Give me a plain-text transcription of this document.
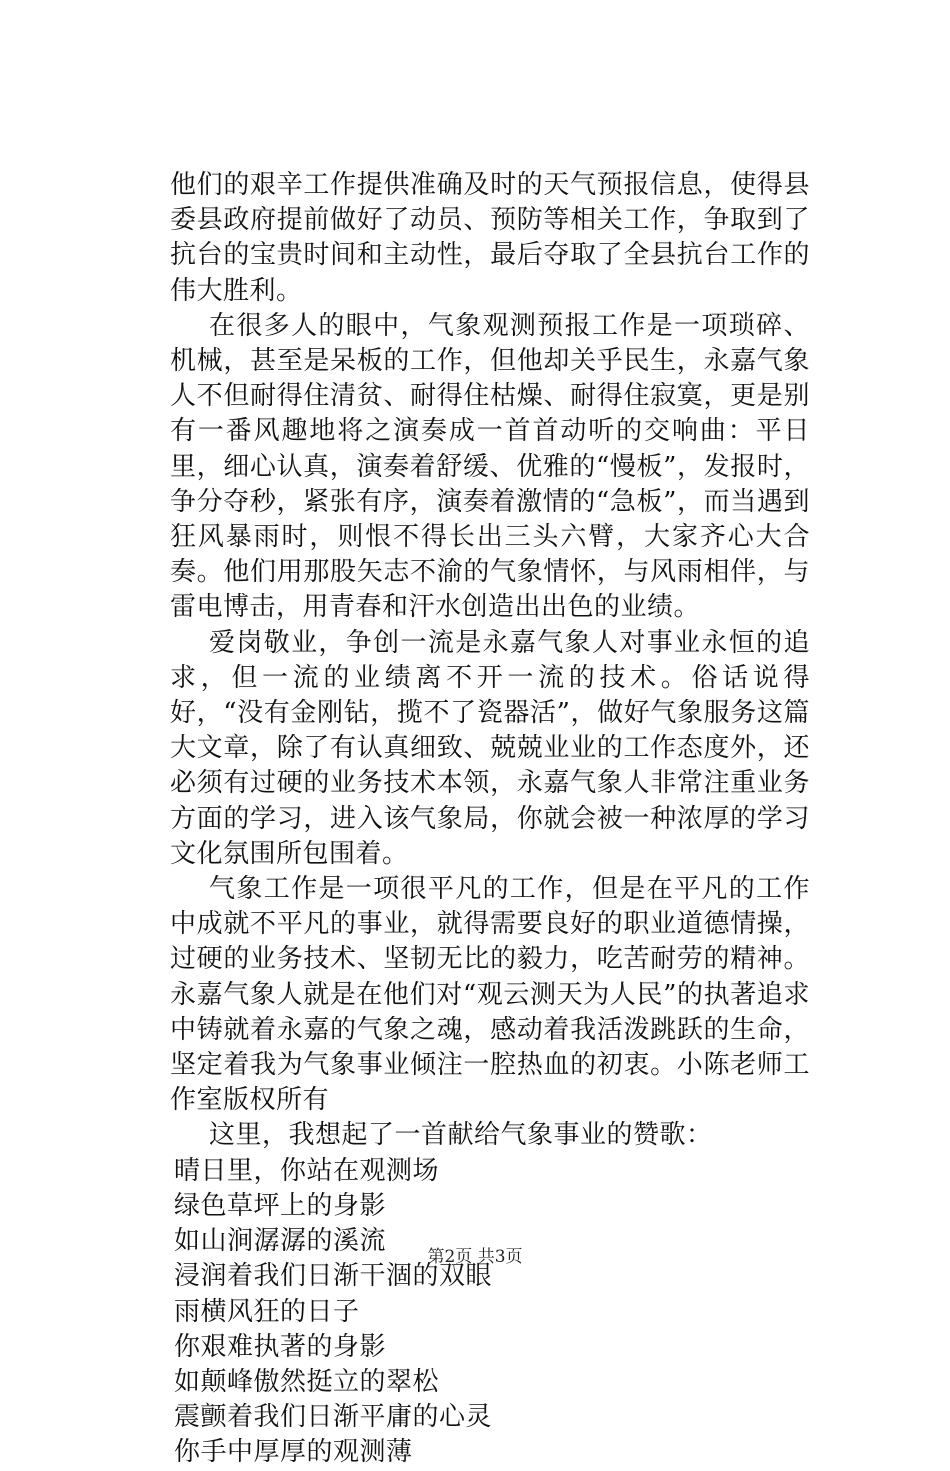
他们的艰辛工作提供准确及时的天气预报信息，使得县委县政府提前做好了动员、预防等相关工作，争取到了抗台的宝贵时间和主动性，最后夺取了全县抗台工作的伟大胜利。

在很多人的眼中，气象观测预报工作是一项琐碎、机械，甚至是呆板的工作，但他却关乎民生，永嘉气象人不但耐得住清贫、耐得住枯燥、耐得住寂寞，更是别有一番风趣地将之演奏成一首首动听的交响曲：平日里，细心认真，演奏着舒缓、优雅的“慢板”，发报时，争分夺秒，紧张有序，演奏着激情的“急板”，而当遇到狂风暴雨时，则恨不得长出三头六臂，大家齐心大合奏。他们用那股矢志不渝的气象情怀，与风雨相伴，与雷电博击，用青春和汗水创造出出色的业绩。

爱岗敬业，争创一流是永嘉气象人对事业永恒的追求，但一流的业绩离不开一流的技术。俗话说得好，“没有金刚钻，揽不了瓷器活”，做好气象服务这篇大文章，除了有认真细致、兢兢业业的工作态度外，还必须有过硬的业务技术本领，永嘉气象人非常注重业务方面的学习，进入该气象局，你就会被一种浓厚的学习文化氛围所包围着。

气象工作是一项很平凡的工作，但是在平凡的工作中成就不平凡的事业，就得需要良好的职业道德情操，过硬的业务技术、坚韧无比的毅力，吃苦耐劳的精神。永嘉气象人就是在他们对“观云测天为人民”的执著追求中铸就着永嘉的气象之魂，感动着我活泼跳跃的生命，坚定着我为气象事业倾注一腔热血的初衷。小陈老师工作室版权所有

这里，我想起了一首献给气象事业的赞歌：

晴日里，你站在观测场

绿色草坪上的身影

如山涧潺潺的溪流

浸润着我们日渐干涸的双眼

雨横风狂的日子

你艰难执著的身影

如颠峰傲然挺立的翠松

震颤着我们日渐平庸的心灵

你手中厚厚的观测薄

第2页 共3页
